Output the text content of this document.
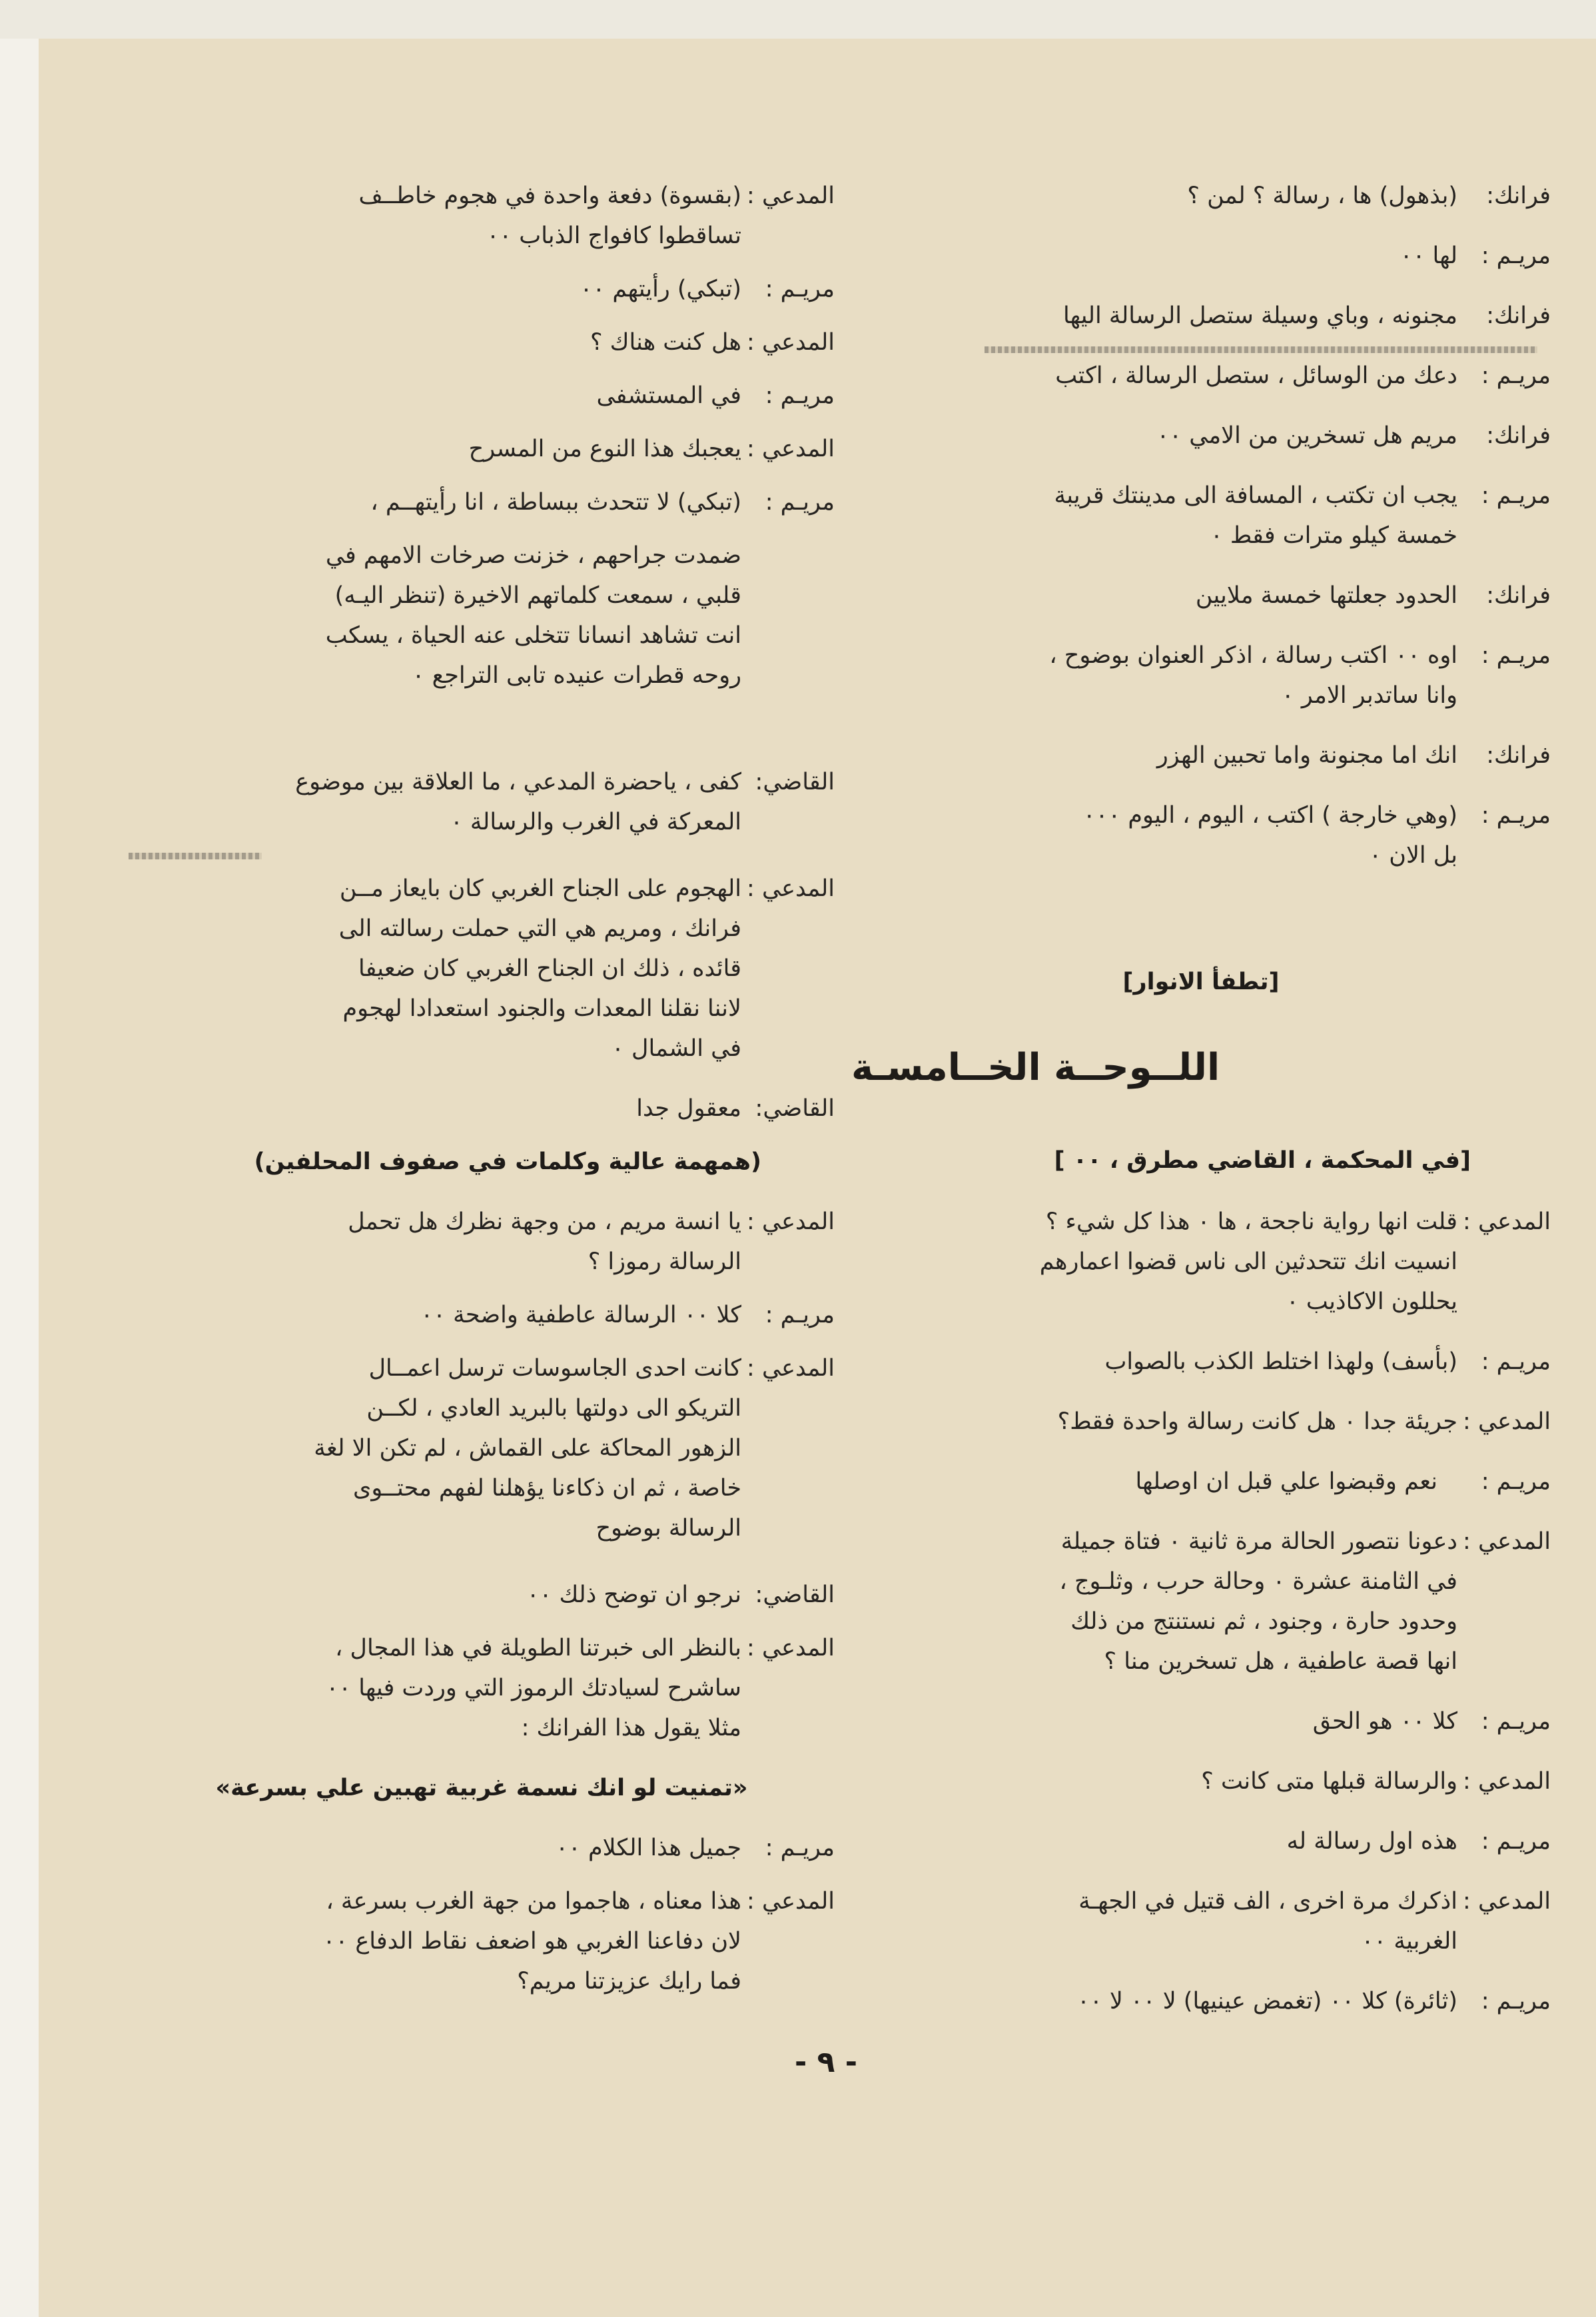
فرانك:
(بذهول) ها ، رسالة ؟ لمن ؟
مريـم :
لها ٠٠
فرانك:
مجنونه ، وباي وسيلة ستصل الرسالة اليها
مريـم :
دعك من الوسائل ، ستصل الرسالة ، اكتب
فرانك:
مريم هل تسخرين من الامي ٠٠
مريـم :
يجب ان تكتب ، المسافة الى مدينتك قريبة
خمسة كيلو مترات فقط ٠
فرانك:
الحدود جعلتها خمسة ملايين
مريـم :
اوه ٠٠ اكتب رسالة ، اذكر العنوان بوضوح ،
وانا ساتدبر الامر ٠
فرانك:
انك اما مجنونة واما تحبين الهزر
مريـم :
(وهي خارجة ) اكتب ، اليوم ، اليوم ٠٠٠
بل الان ٠
[تطفأ الانوار]
اللــوحــة الخــامسـة
[في المحكمة ، القاضي مطرق ، ٠٠ ]
المدعي :
قلت انها رواية ناجحة ، ها ٠ هذا كل شيء ؟
انسيت انك تتحدثين الى ناس قضوا اعمارهم
يحللون الاكاذيب ٠
مريـم :
(بأسف) ولهذا اختلط الكذب بالصواب
المدعي :
جريئة جدا ٠ هل كانت رسالة واحدة فقط؟
مريـم :
نعم وقبضوا علي قبل ان اوصلها
المدعي :
دعونا نتصور الحالة مرة ثانية ٠ فتاة جميلة
في الثامنة عشرة ٠ وحالة حرب ، وثلـوج ،
وحدود حارة ، وجنود ، ثم نستنتج من ذلك
انها قصة عاطفية ، هل تسخرين منا ؟
مريـم :
كلا ٠٠ هو الحق
المدعي :
والرسالة قبلها متى كانت ؟
مريـم :
هذه اول رسالة له
المدعي :
اذكرك مرة اخرى ، الف قتيل في الجهـة
الغربية ٠٠
مريـم :
(ثائرة) كلا ٠٠ (تغمض عينيها) لا ٠٠ لا ٠٠
المدعي :
(بقسوة) دفعة واحدة في هجوم خاطــف
تساقطوا كافواج الذباب ٠٠
مريـم :
(تبكي) رأيتهم ٠٠
المدعي :
هل كنت هناك ؟
مريـم :
في المستشفى
المدعي :
يعجبك هذا النوع من المسرح
مريـم :
(تبكي) لا تتحدث ببساطة ، انا رأيتهــم ،
ضمدت جراحهم ، خزنت صرخات الامهم في
قلبي ، سمعت كلماتهم الاخيرة (تنظر اليـه)
انت تشاهد انسانا تتخلى عنه الحياة ، يسكب
روحه قطرات عنيده تابى التراجع ٠
القاضي:
كفى ، ياحضرة المدعي ، ما العلاقة بين موضوع
المعركة في الغرب والرسالة ٠
المدعي :
الهجوم على الجناح الغربي كان بايعاز مــن
فرانك ، ومريم هي التي حملت رسالته الى
قائده ، ذلك ان الجناح الغربي كان ضعيفا
لاننا نقلنا المعدات والجنود استعدادا لهجوم
في الشمال ٠
القاضي:
معقول جدا
(همهمة عالية وكلمات في صفوف المحلفين)
المدعي :
يا انسة مريم ، من وجهة نظرك هل تحمل
الرسالة رموزا ؟
مريـم :
كلا ٠٠ الرسالة عاطفية واضحة ٠٠
المدعي :
كانت احدى الجاسوسات ترسل اعمــال
التريكو الى دولتها بالبريد العادي ، لكــن
الزهور المحاكة على القماش ، لم تكن الا لغة
خاصة ، ثم ان ذكاءنا يؤهلنا لفهم محتــوى
الرسالة بوضوح
القاضي:
نرجو ان توضح ذلك ٠٠
المدعي :
بالنظر الى خبرتنا الطويلة في هذا المجال ،
ساشرح لسيادتك الرموز التي وردت فيها ٠٠
مثلا يقول هذا الفرانك :
«تمنيت لو انك نسمة غربية تهبين علي بسرعة»
مريـم :
جميل هذا الكلام ٠٠
المدعي :
هذا معناه ، هاجموا من جهة الغرب بسرعة ،
لان دفاعنا الغربي هو اضعف نقاط الدفاع ٠٠
فما رايك عزيزتنا مريم؟
- ٩ -
